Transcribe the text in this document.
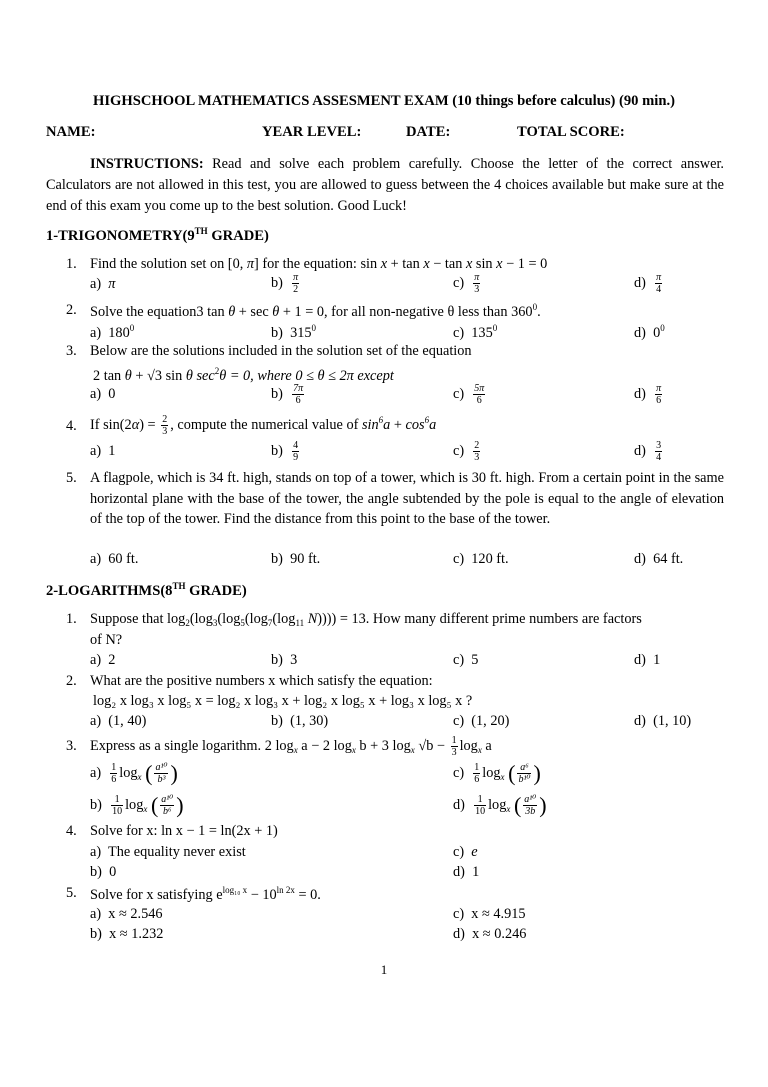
HIGHSCHOOL MATHEMATICS ASSESMENT EXAM (10 things before calculus) (90 min.)
NAME:	YEAR LEVEL:	DATE:	TOTAL SCORE:
INSTRUCTIONS: Read and solve each problem carefully. Choose the letter of the correct answer. Calculators are not allowed in this test, you are allowed to guess between the 4 choices available but make sure at the end of this exam you come up to the best solution. Good Luck!
1-TRIGONOMETRY(9TH GRADE)
1. Find the solution set on [0, π] for the equation: sin x + tan x − tan x sin x − 1 = 0
a) π	$b) \frac{\pi}{2}$	$c) \frac{\pi}{3}$	$d) \frac{\pi}{4}$
2. Solve the equation3 tan θ + sec θ + 1 = 0, for all non-negative θ less than $360^0$.
a) $180^0$	b) $315^0$	c) $135^0$	d) $0^0$
3. Below are the solutions included in the solution set of the equation
2 tan θ + √3 sin θ $\sec^2\theta = 0$, where 0 ≤ θ ≤ 2π except
a) 0	$b) \frac{7\pi}{6}$	$c) \frac{5\pi}{6}$	$d) \frac{\pi}{6}$
4. If $\sin(2\alpha) = \frac{2}{3}$ , compute the numerical value of $\sin^6a + \cos^6a$
a) 1	$b) \frac{4}{9}$	$c) \frac{2}{3}$	$d) \frac{3}{4}$
5. A flagpole, which is 34 ft. high, stands on top of a tower, which is 30 ft. high. From a certain point in the same horizontal plane with the base of the tower, the angle subtended by the pole is equal to the angle of elevation of the top of the tower. Find the distance from this point to the base of the tower.
a) 60 ft.	b) 90 ft.	c) 120 ft.	d) 64 ft.
2-LOGARITHMS(8TH GRADE)
1. Suppose that $\log_2(\log_3(\log_5(\log_7(\log_{11}$ N)))) = 13. How many different prime numbers are factors
of N?
a) 2	b) 3	c) 5	d) 1
2. What are the positive numbers x which satisfy the equation:
log₂ x log₃ x log₅ x = log₂ x log₃ x + log₂ x log₅ x + log₃ x log₅ x ?
a) (1, 40)	b) (1, 30)	c) (1, 20)	d) (1, 10)
3. Express as a single logarithm. 2 $\log_x a - 2$ $\log_x b + 3$ $\log_x √b - \frac{1}{3} \log_x a$
$a) \frac{1}{6} \log_x$ ( $\frac{\text{a¹⁰}}{\text{b³}}$ )	$c) \frac{1}{6} \log_x$ ( $\frac{\text{a⁶}}{\text{b¹⁰}}$ )
$b) \frac{1}{10} \log_x$ ( $\frac{\text{a¹⁰}}{\text{b⁶}}$ )	$d) \frac{1}{10} \log_x$ ( $\frac{\text{a¹⁰}}{3b}$ )
4. Solve for x: ln x − 1 = ln(2x + 1)
a) The equality never exist	c) e
b) 0	d) 1
5. Solve for x satisfying $e^{log_{10} x} - 10^{ln 2x} = 0$.
a) x ≈ 2.546	c) x ≈ 4.915
b) x ≈ 1.232	d) x ≈ 0.246
1
